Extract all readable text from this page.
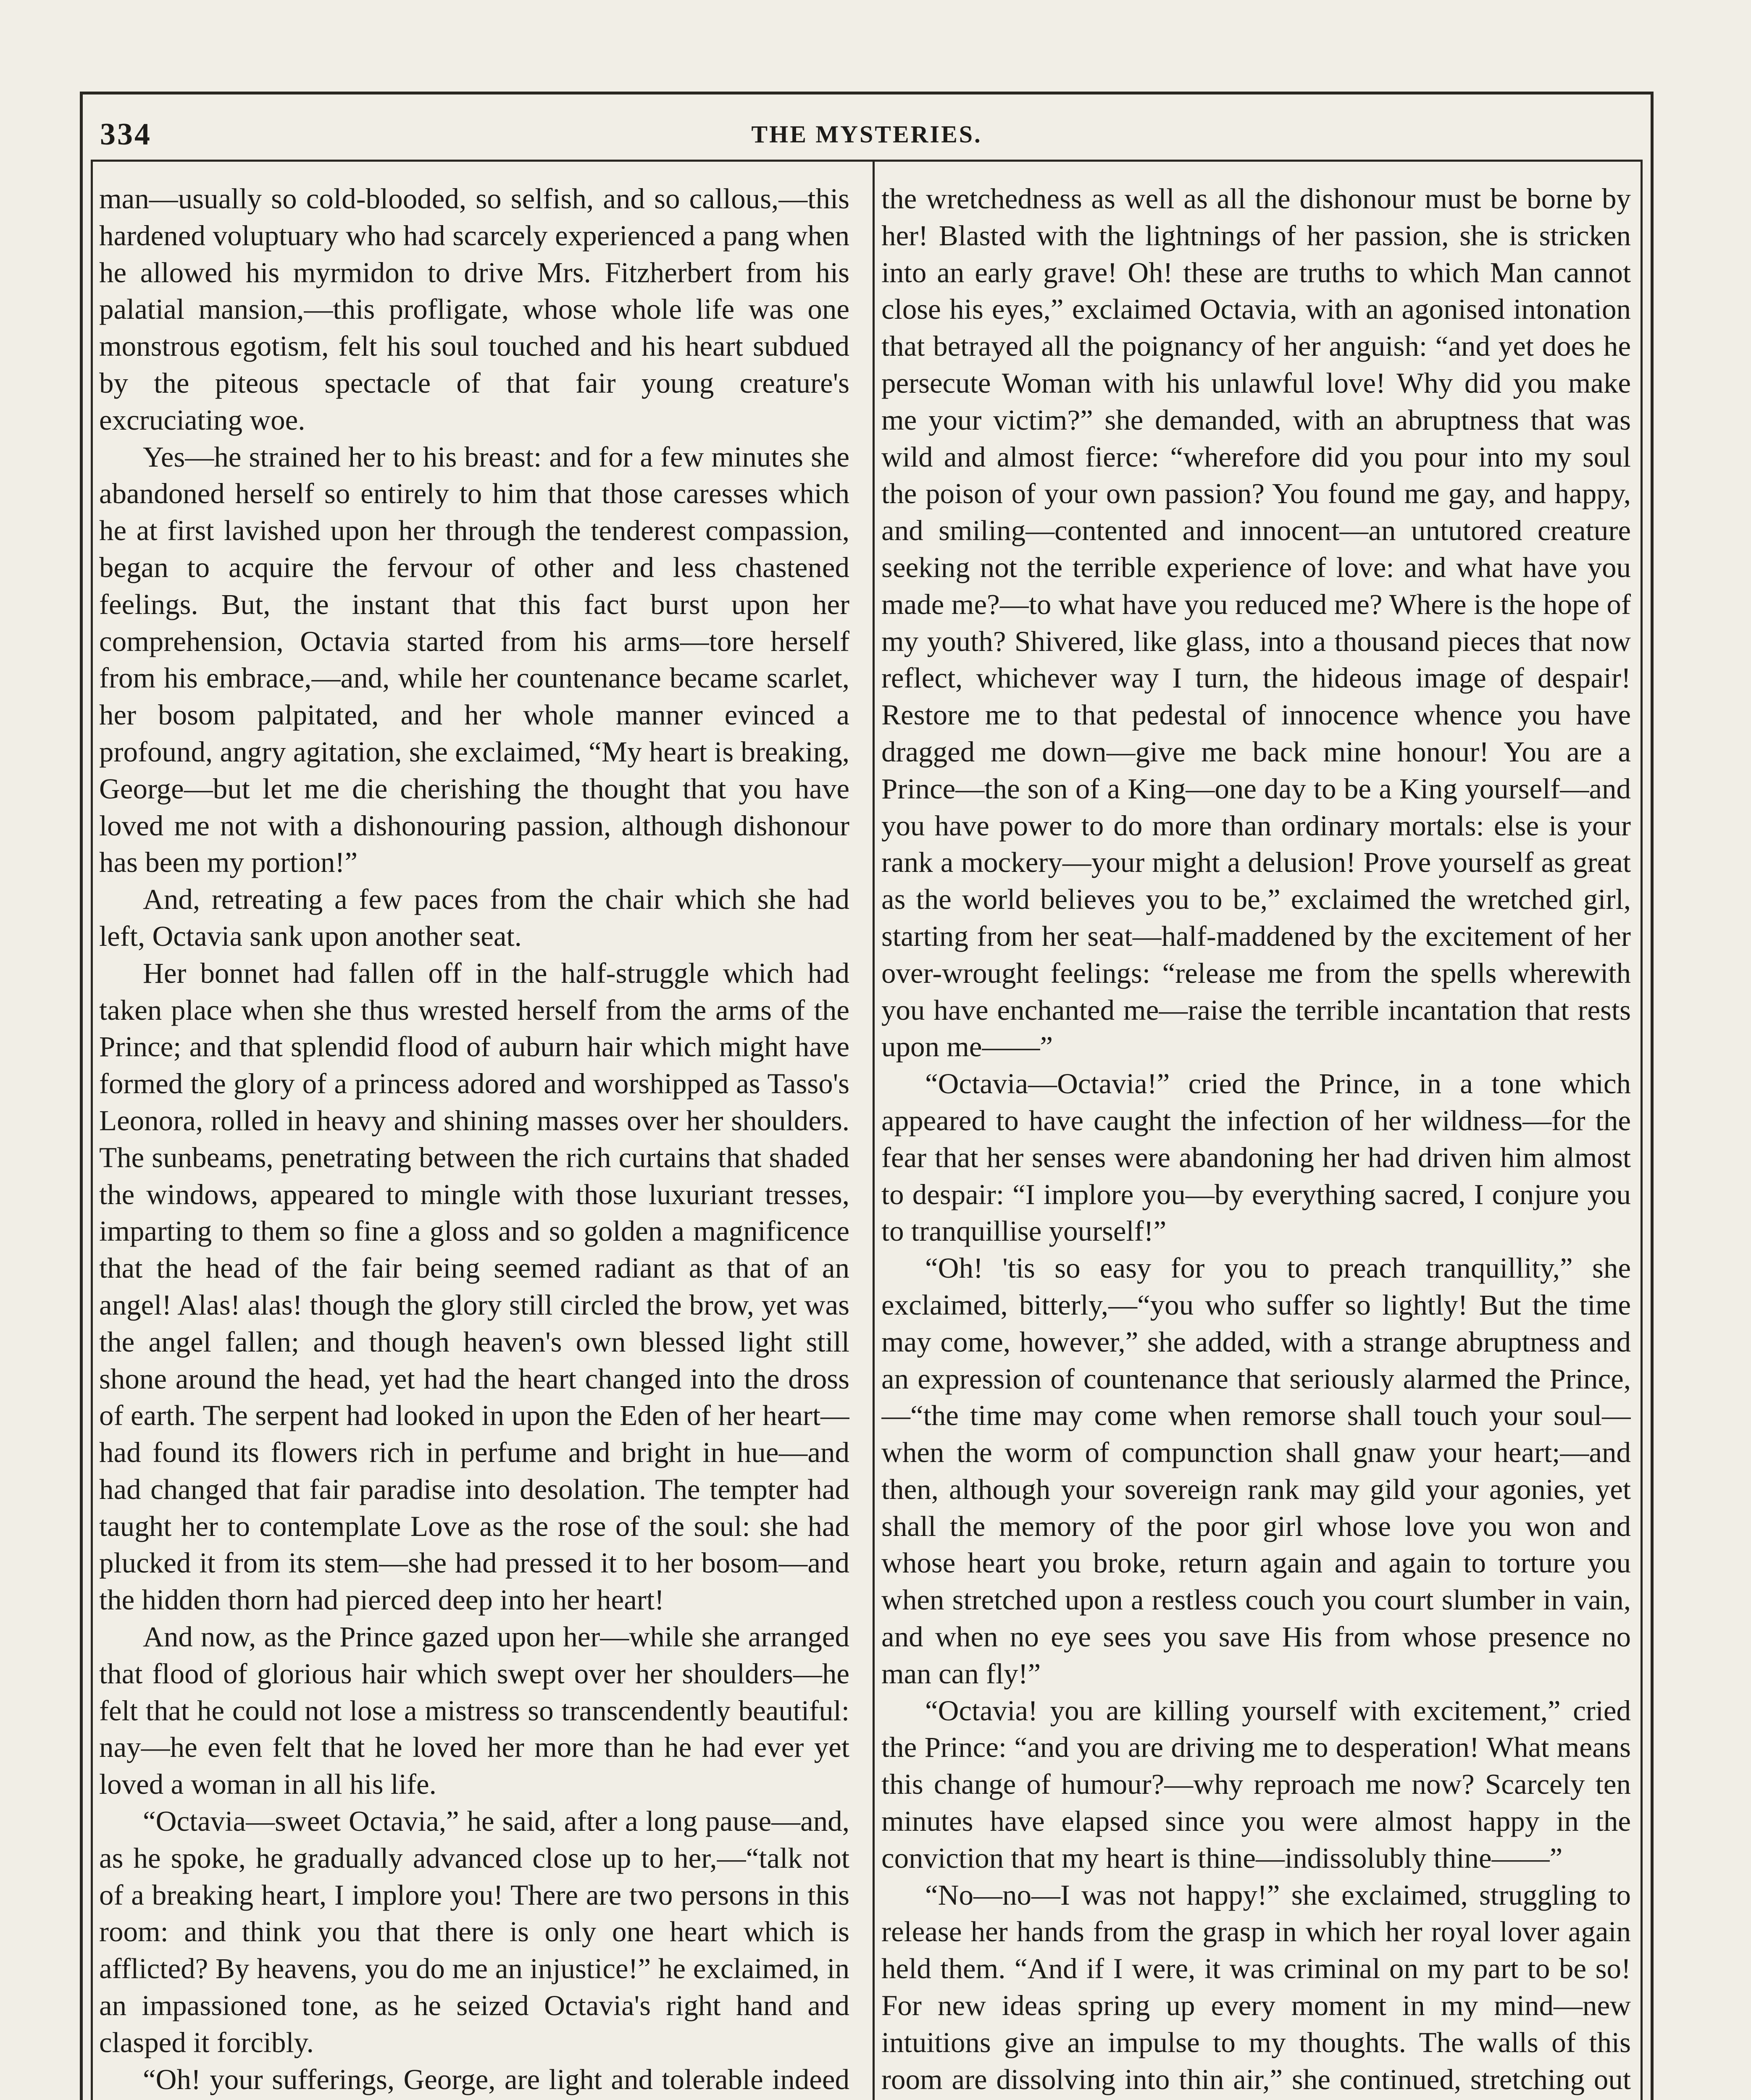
334	THE MYSTERIES.

man—usually so cold-blooded, so selfish, and so callous,—this hardened voluptuary who had scarcely experienced a pang when he allowed his myrmidon to drive Mrs. Fitzherbert from his palatial mansion,—this profligate, whose whole life was one monstrous egotism, felt his soul touched and his heart subdued by the piteous spectacle of that fair young creature's excruciating woe.

Yes—he strained her to his breast: and for a few minutes she abandoned herself so entirely to him that those caresses which he at first lavished upon her through the tenderest compassion, began to acquire the fervour of other and less chastened feelings. But, the instant that this fact burst upon her comprehension, Octavia started from his arms—tore herself from his embrace,—and, while her countenance became scarlet, her bosom palpitated, and her whole manner evinced a profound, angry agitation, she exclaimed, “My heart is breaking, George—but let me die cherishing the thought that you have loved me not with a dishonouring passion, although dishonour has been my portion!”

And, retreating a few paces from the chair which she had left, Octavia sank upon another seat.

Her bonnet had fallen off in the half-struggle which had taken place when she thus wrested herself from the arms of the Prince; and that splendid flood of auburn hair which might have formed the glory of a princess adored and worshipped as Tasso's Leonora, rolled in heavy and shining masses over her shoulders. The sunbeams, penetrating between the rich curtains that shaded the windows, appeared to mingle with those luxuriant tresses, imparting to them so fine a gloss and so golden a magnificence that the head of the fair being seemed radiant as that of an angel! Alas! alas! though the glory still circled the brow, yet was the angel fallen; and though heaven's own blessed light still shone around the head, yet had the heart changed into the dross of earth. The serpent had looked in upon the Eden of her heart—had found its flowers rich in perfume and bright in hue—and had changed that fair paradise into desolation. The tempter had taught her to contemplate Love as the rose of the soul: she had plucked it from its stem—she had pressed it to her bosom—and the hidden thorn had pierced deep into her heart!

And now, as the Prince gazed upon her—while she arranged that flood of glorious hair which swept over her shoulders—he felt that he could not lose a mistress so transcendently beautiful: nay—he even felt that he loved her more than he had ever yet loved a woman in all his life.

“Octavia—sweet Octavia,” he said, after a long pause—and, as he spoke, he gradually advanced close up to her,—“talk not of a breaking heart, I implore you! There are two persons in this room: and think you that there is only one heart which is afflicted? By heavens, you do me an injustice!” he exclaimed, in an impassioned tone, as he seized Octavia's right hand and clasped it forcibly.

“Oh! your sufferings, George, are light and tolerable indeed

the wretchedness as well as all the dishonour must be borne by her! Blasted with the lightnings of her passion, she is stricken into an early grave! Oh! these are truths to which Man cannot close his eyes,” exclaimed Octavia, with an agonised intonation that betrayed all the poignancy of her anguish: “and yet does he persecute Woman with his unlawful love! Why did you make me your victim?” she demanded, with an abruptness that was wild and almost fierce: “wherefore did you pour into my soul the poison of your own passion? You found me gay, and happy, and smiling—contented and innocent—an untutored creature seeking not the terrible experience of love: and what have you made me?—to what have you reduced me? Where is the hope of my youth? Shivered, like glass, into a thousand pieces that now reflect, whichever way I turn, the hideous image of despair! Restore me to that pedestal of innocence whence you have dragged me down—give me back mine honour! You are a Prince—the son of a King—one day to be a King yourself—and you have power to do more than ordinary mortals: else is your rank a mockery—your might a delusion! Prove yourself as great as the world believes you to be,” exclaimed the wretched girl, starting from her seat—half-maddened by the excitement of her over-wrought feelings: “release me from the spells wherewith you have enchanted me—raise the terrible incantation that rests upon me——”

“Octavia—Octavia!” cried the Prince, in a tone which appeared to have caught the infection of her wildness—for the fear that her senses were abandoning her had driven him almost to despair: “I implore you—by everything sacred, I conjure you to tranquillise yourself!”

“Oh! 'tis so easy for you to preach tranquillity,” she exclaimed, bitterly,—“you who suffer so lightly! But the time may come, however,” she added, with a strange abruptness and an expression of countenance that seriously alarmed the Prince,—“the time may come when remorse shall touch your soul—when the worm of compunction shall gnaw your heart;—and then, although your sovereign rank may gild your agonies, yet shall the memory of the poor girl whose love you won and whose heart you broke, return again and again to torture you when stretched upon a restless couch you court slumber in vain, and when no eye sees you save His from whose presence no man can fly!”

“Octavia! you are killing yourself with excitement,” cried the Prince: “and you are driving me to desperation! What means this change of humour?—why reproach me now? Scarcely ten minutes have elapsed since you were almost happy in the conviction that my heart is thine—indissolubly thine——”

“No—no—I was not happy!” she exclaimed, struggling to release her hands from the grasp in which her royal lover again held them. “And if I were, it was criminal on my part to be so! For new ideas spring up every moment in my mind—new intuitions give an impulse to my thoughts. The walls of this room are dissolving into thin air,” she continued, stretching out
